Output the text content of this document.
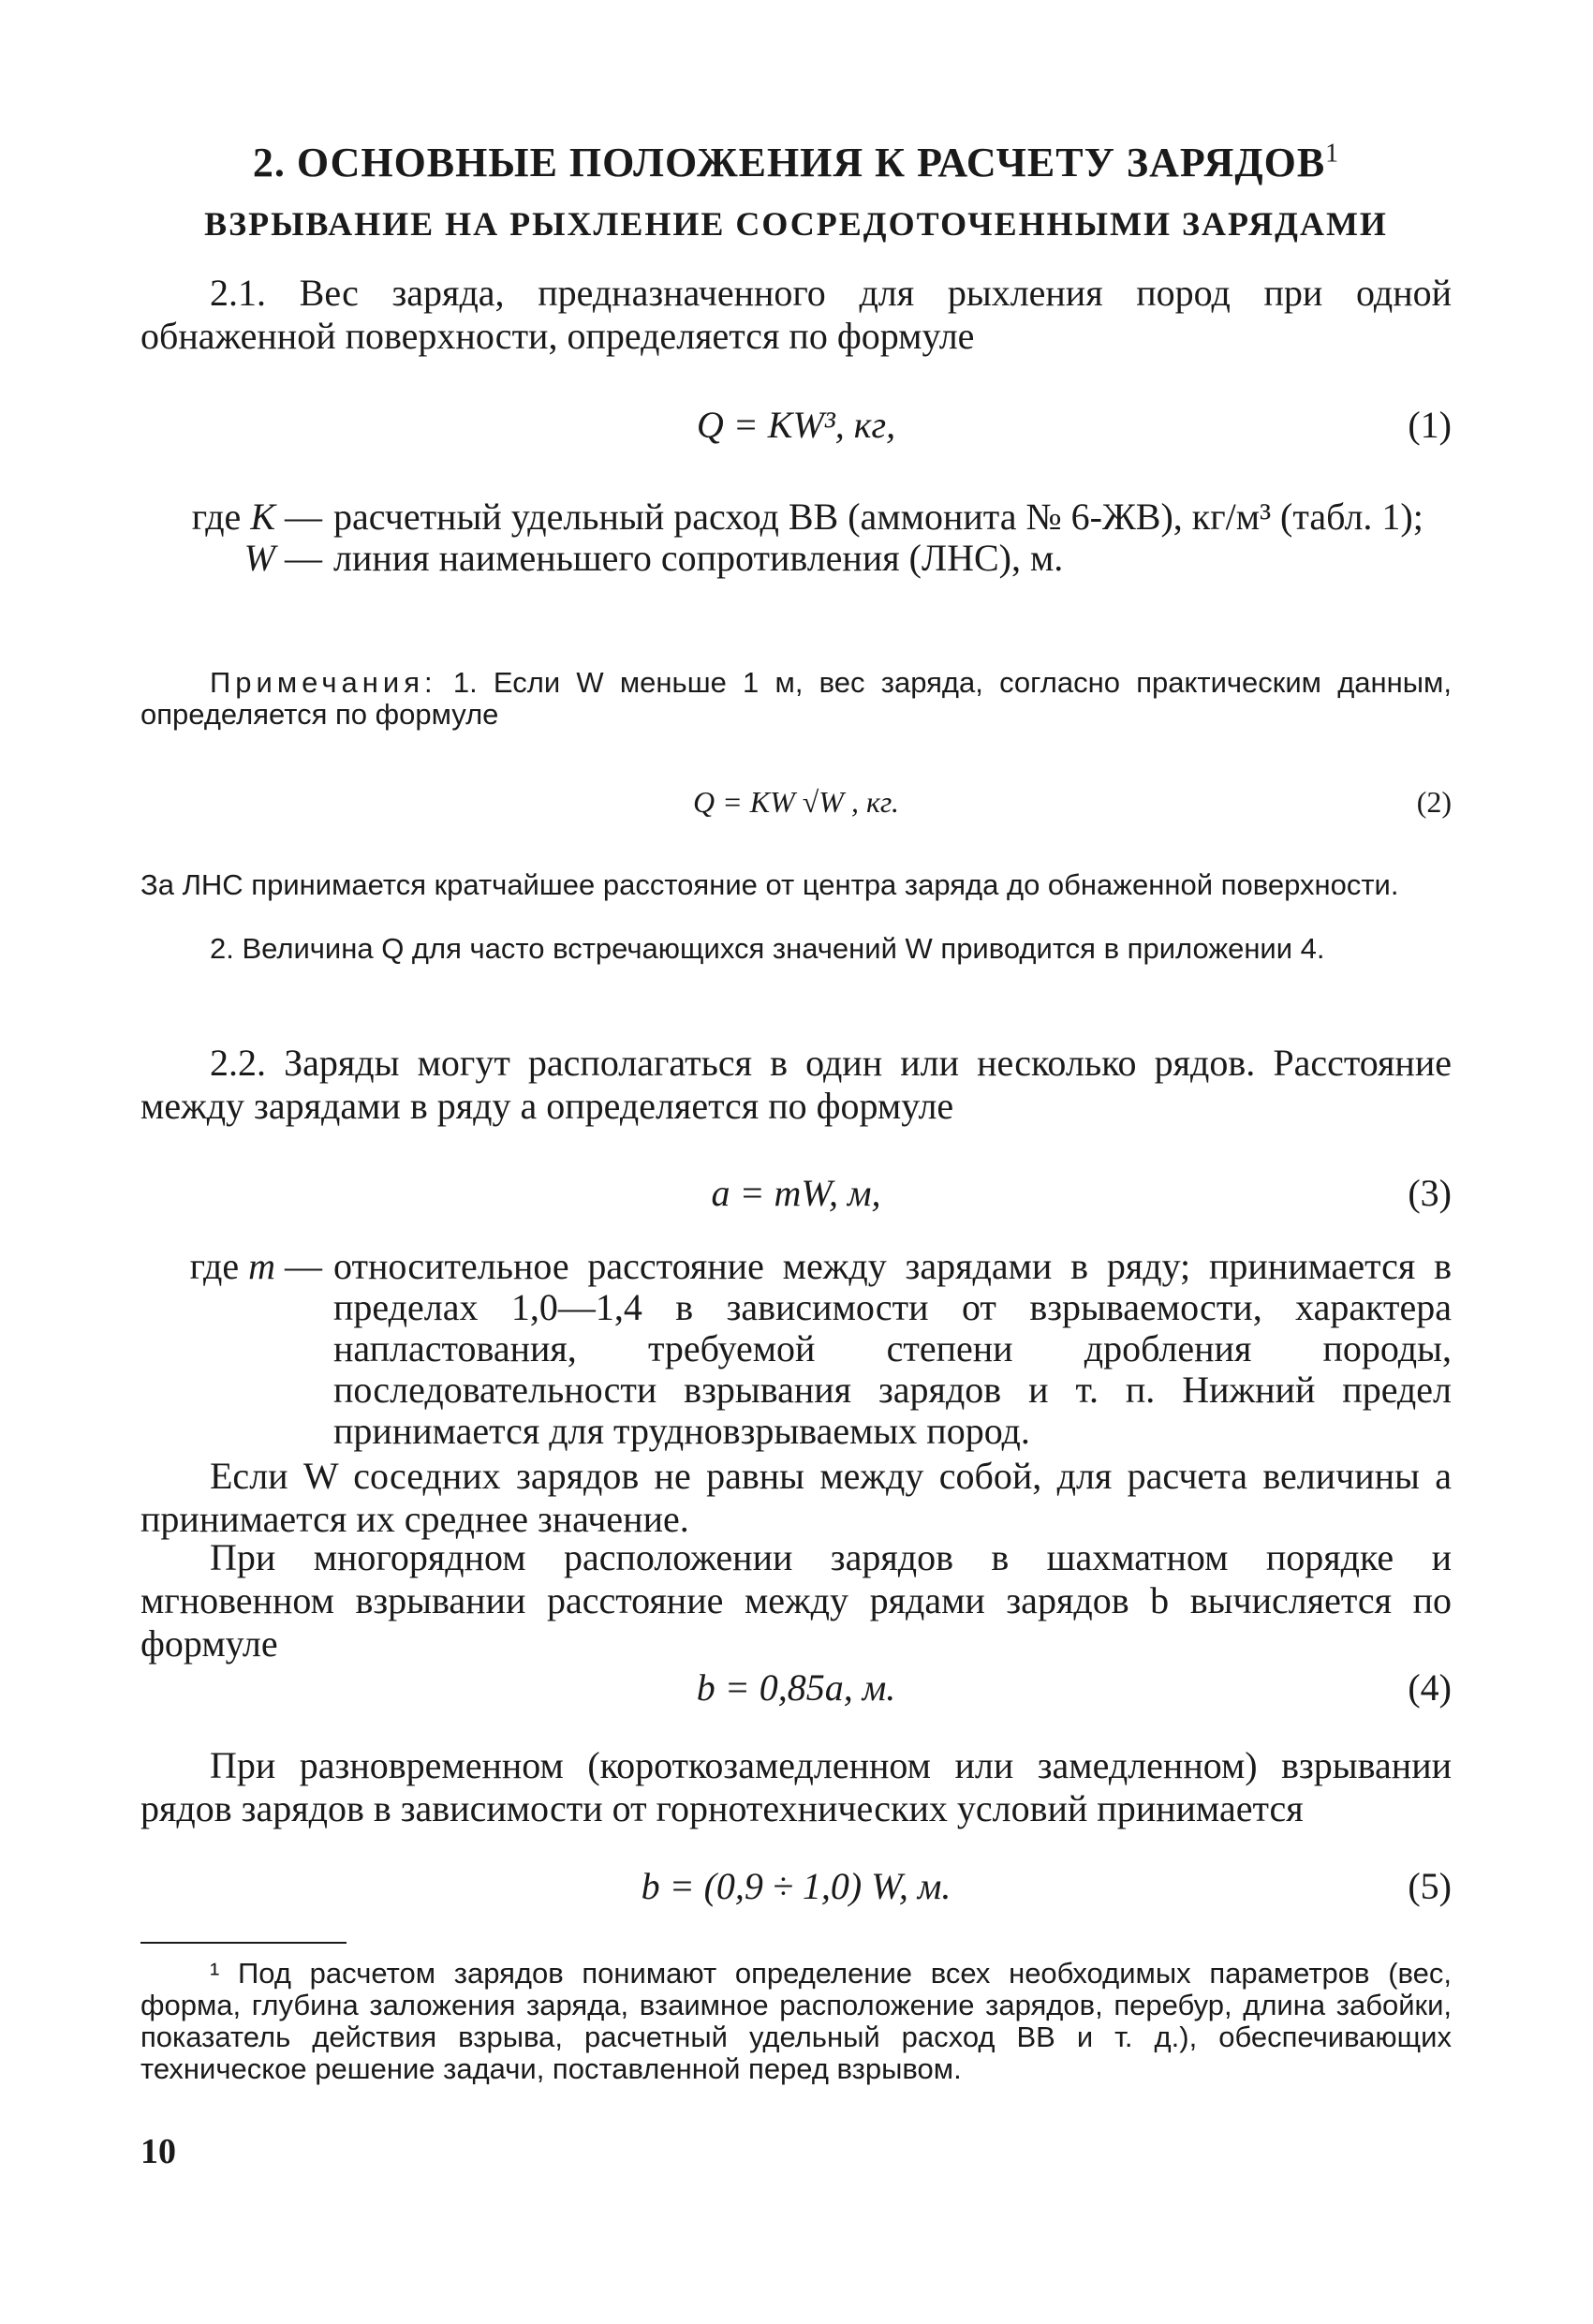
2. ОСНОВНЫЕ ПОЛОЖЕНИЯ К РАСЧЕТУ ЗАРЯДОВ$^1$
ВЗРЫВАНИЕ НА РЫХЛЕНИЕ СОСРЕДОТОЧЕННЫМИ ЗАРЯДАМИ

2.1. Вес заряда, предназначенного для рыхления пород при одной обнаженной поверхности, определяется по формуле

Q = KW³, кг,	(1)
где K — расчетный удельный расход ВВ (аммонита № 6-ЖВ), кг/м³ (табл. 1);
W — линия наименьшего сопротивления (ЛНС), м.
Примечания: 1. Если W меньше 1 м, вес заряда, согласно практическим данным, определяется по формуле
Q = KW √W , кг.	(2)
За ЛНС принимается кратчайшее расстояние от центра заряда до обнаженной поверхности.
2. Величина Q для часто встречающихся значений W приводится в приложении 4.

2.2. Заряды могут располагаться в один или несколько рядов. Расстояние между зарядами в ряду a определяется по формуле

a = mW, м,	(3)
где m — относительное расстояние между зарядами в ряду; принимается в пределах 1,0—1,4 в зависимости от взрываемости, характера напластования, требуемой степени дробления породы, последовательности взрывания зарядов и т. п. Нижний предел принимается для трудновзрываемых пород.

Если W соседних зарядов не равны между собой, для расчета величины a принимается их среднее значение.

При многорядном расположении зарядов в шахматном порядке и мгновенном взрывании расстояние между рядами зарядов b вычисляется по формуле

b = 0,85a, м.	(4)

При разновременном (короткозамедленном или замедленном) взрывании рядов зарядов в зависимости от горнотехнических условий принимается

b = (0,9 ÷ 1,0) W, м.	(5)

¹ Под расчетом зарядов понимают определение всех необходимых параметров (вес, форма, глубина заложения заряда, взаимное расположение зарядов, перебур, длина забойки, показатель действия взрыва, расчетный удельный расход ВВ и т. д.), обеспечивающих техническое решение задачи, поставленной перед взрывом.

10
